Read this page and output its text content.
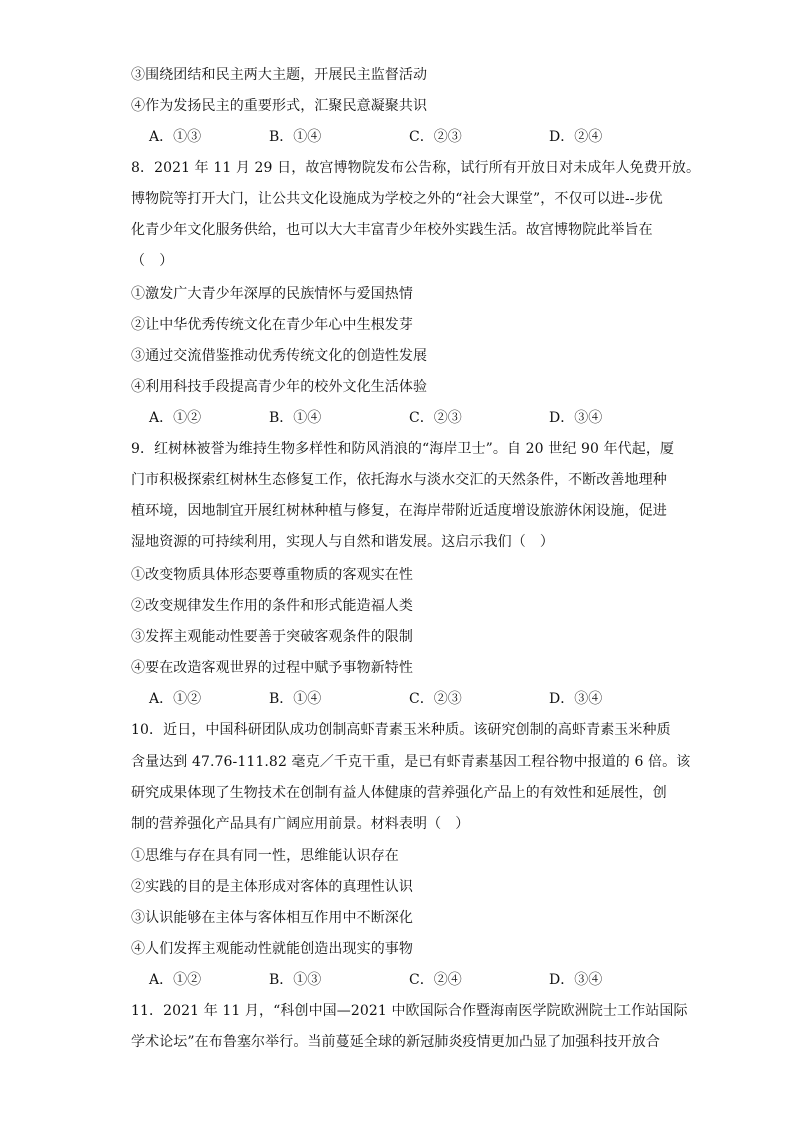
③围绕团结和民主两大主题，开展民主监督活动
④作为发扬民主的重要形式，汇聚民意凝聚共识
A．①③	B．①④	C．②③	D．②④
8．2021 年 11 月 29 日，故宫博物院发布公告称，试行所有开放日对未成年人免费开放。
博物院等打开大门，让公共文化设施成为学校之外的“社会大课堂”，不仅可以进--步优
化青少年文化服务供给，也可以大大丰富青少年校外实践生活。故宫博物院此举旨在
（　）
①激发广大青少年深厚的民族情怀与爱国热情
②让中华优秀传统文化在青少年心中生根发芽
③通过交流借鉴推动优秀传统文化的创造性发展
④利用科技手段提高青少年的校外文化生活体验
A．①②	B．①④	C．②③	D．③④
9．红树林被誉为维持生物多样性和防风消浪的“海岸卫士”。自 20 世纪 90 年代起，厦
门市积极探索红树林生态修复工作，依托海水与淡水交汇的天然条件，不断改善地理种
植环境，因地制宜开展红树林种植与修复，在海岸带附近适度增设旅游休闲设施，促进
湿地资源的可持续利用，实现人与自然和谐发展。这启示我们（　）
①改变物质具体形态要尊重物质的客观实在性
②改变规律发生作用的条件和形式能造福人类
③发挥主观能动性要善于突破客观条件的限制
④要在改造客观世界的过程中赋予事物新特性
A．①②	B．①④	C．②③	D．③④
10．近日，中国科研团队成功创制高虾青素玉米种质。该研究创制的高虾青素玉米种质
含量达到 47.76-111.82 毫克／千克干重，是已有虾青素基因工程谷物中报道的 6 倍。该
研究成果体现了生物技术在创制有益人体健康的营养强化产品上的有效性和延展性，创
制的营养强化产品具有广阔应用前景。材料表明（　）
①思维与存在具有同一性，思维能认识存在
②实践的目的是主体形成对客体的真理性认识
③认识能够在主体与客体相互作用中不断深化
④人们发挥主观能动性就能创造出现实的事物
A．①②	B．①③	C．②④	D．③④
11．2021 年 11 月，“科创中国—2021 中欧国际合作暨海南医学院欧洲院士工作站国际
学术论坛”在布鲁塞尔举行。当前蔓延全球的新冠肺炎疫情更加凸显了加强科技开放合
